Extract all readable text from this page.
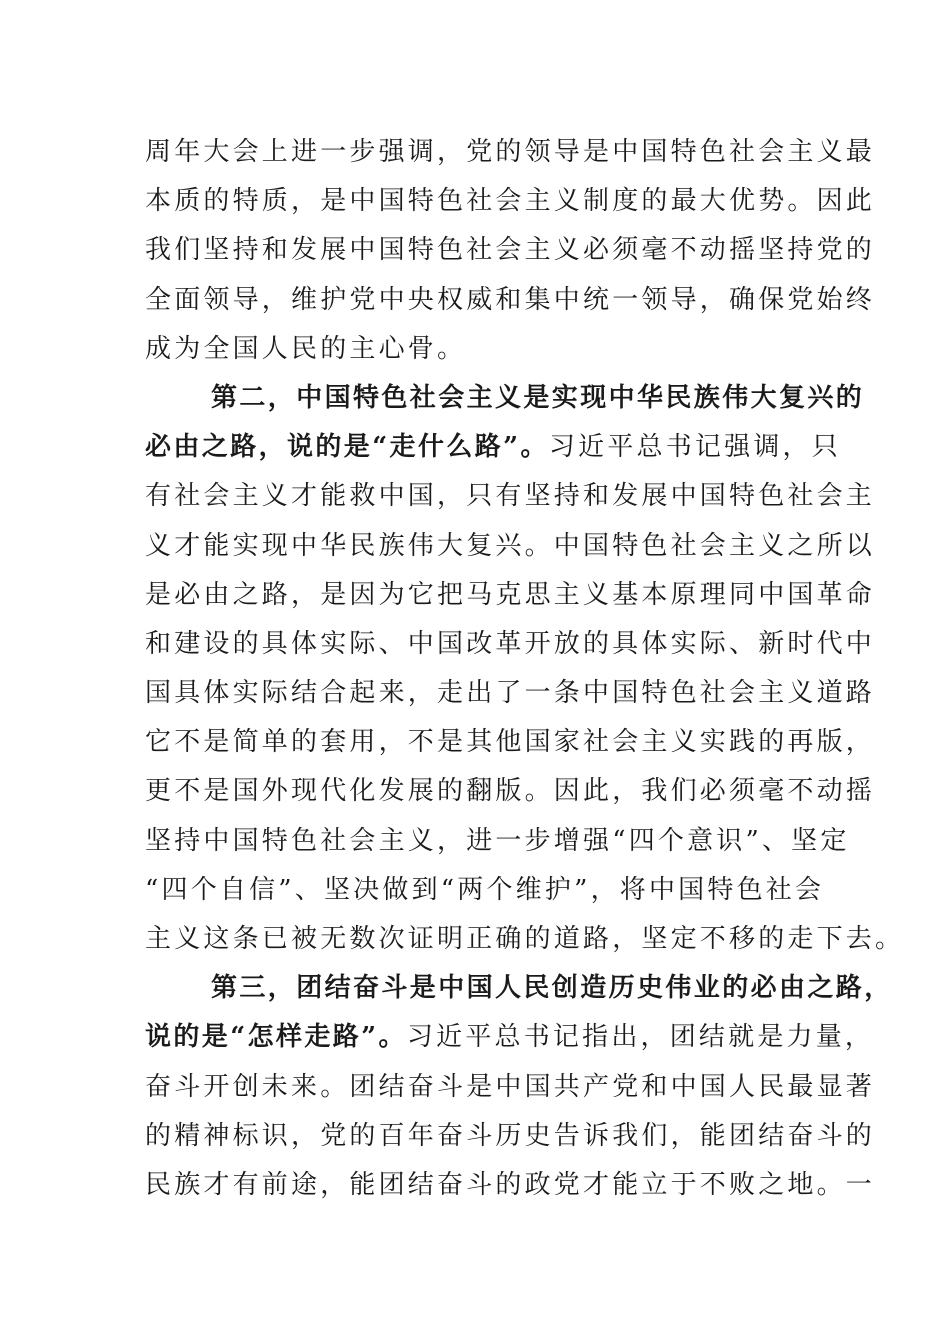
周年大会上进一步强调，党的领导是中国特色社会主义最
本质的特质，是中国特色社会主义制度的最大优势。因此
我们坚持和发展中国特色社会主义必须毫不动摇坚持党的
全面领导，维护党中央权威和集中统一领导，确保党始终
成为全国人民的主心骨。
第二，中国特色社会主义是实现中华民族伟大复兴的
必由之路，说的是“走什么路”。习近平总书记强调，只
有社会主义才能救中国，只有坚持和发展中国特色社会主
义才能实现中华民族伟大复兴。中国特色社会主义之所以
是必由之路，是因为它把马克思主义基本原理同中国革命
和建设的具体实际、中国改革开放的具体实际、新时代中
国具体实际结合起来，走出了一条中国特色社会主义道路
它不是简单的套用，不是其他国家社会主义实践的再版，
更不是国外现代化发展的翻版。因此，我们必须毫不动摇
坚持中国特色社会主义，进一步增强“四个意识”、坚定
“四个自信”、坚决做到“两个维护”，将中国特色社会
主义这条已被无数次证明正确的道路，坚定不移的走下去。
第三，团结奋斗是中国人民创造历史伟业的必由之路，
说的是“怎样走路”。习近平总书记指出，团结就是力量，
奋斗开创未来。团结奋斗是中国共产党和中国人民最显著
的精神标识，党的百年奋斗历史告诉我们，能团结奋斗的
民族才有前途，能团结奋斗的政党才能立于不败之地。一
